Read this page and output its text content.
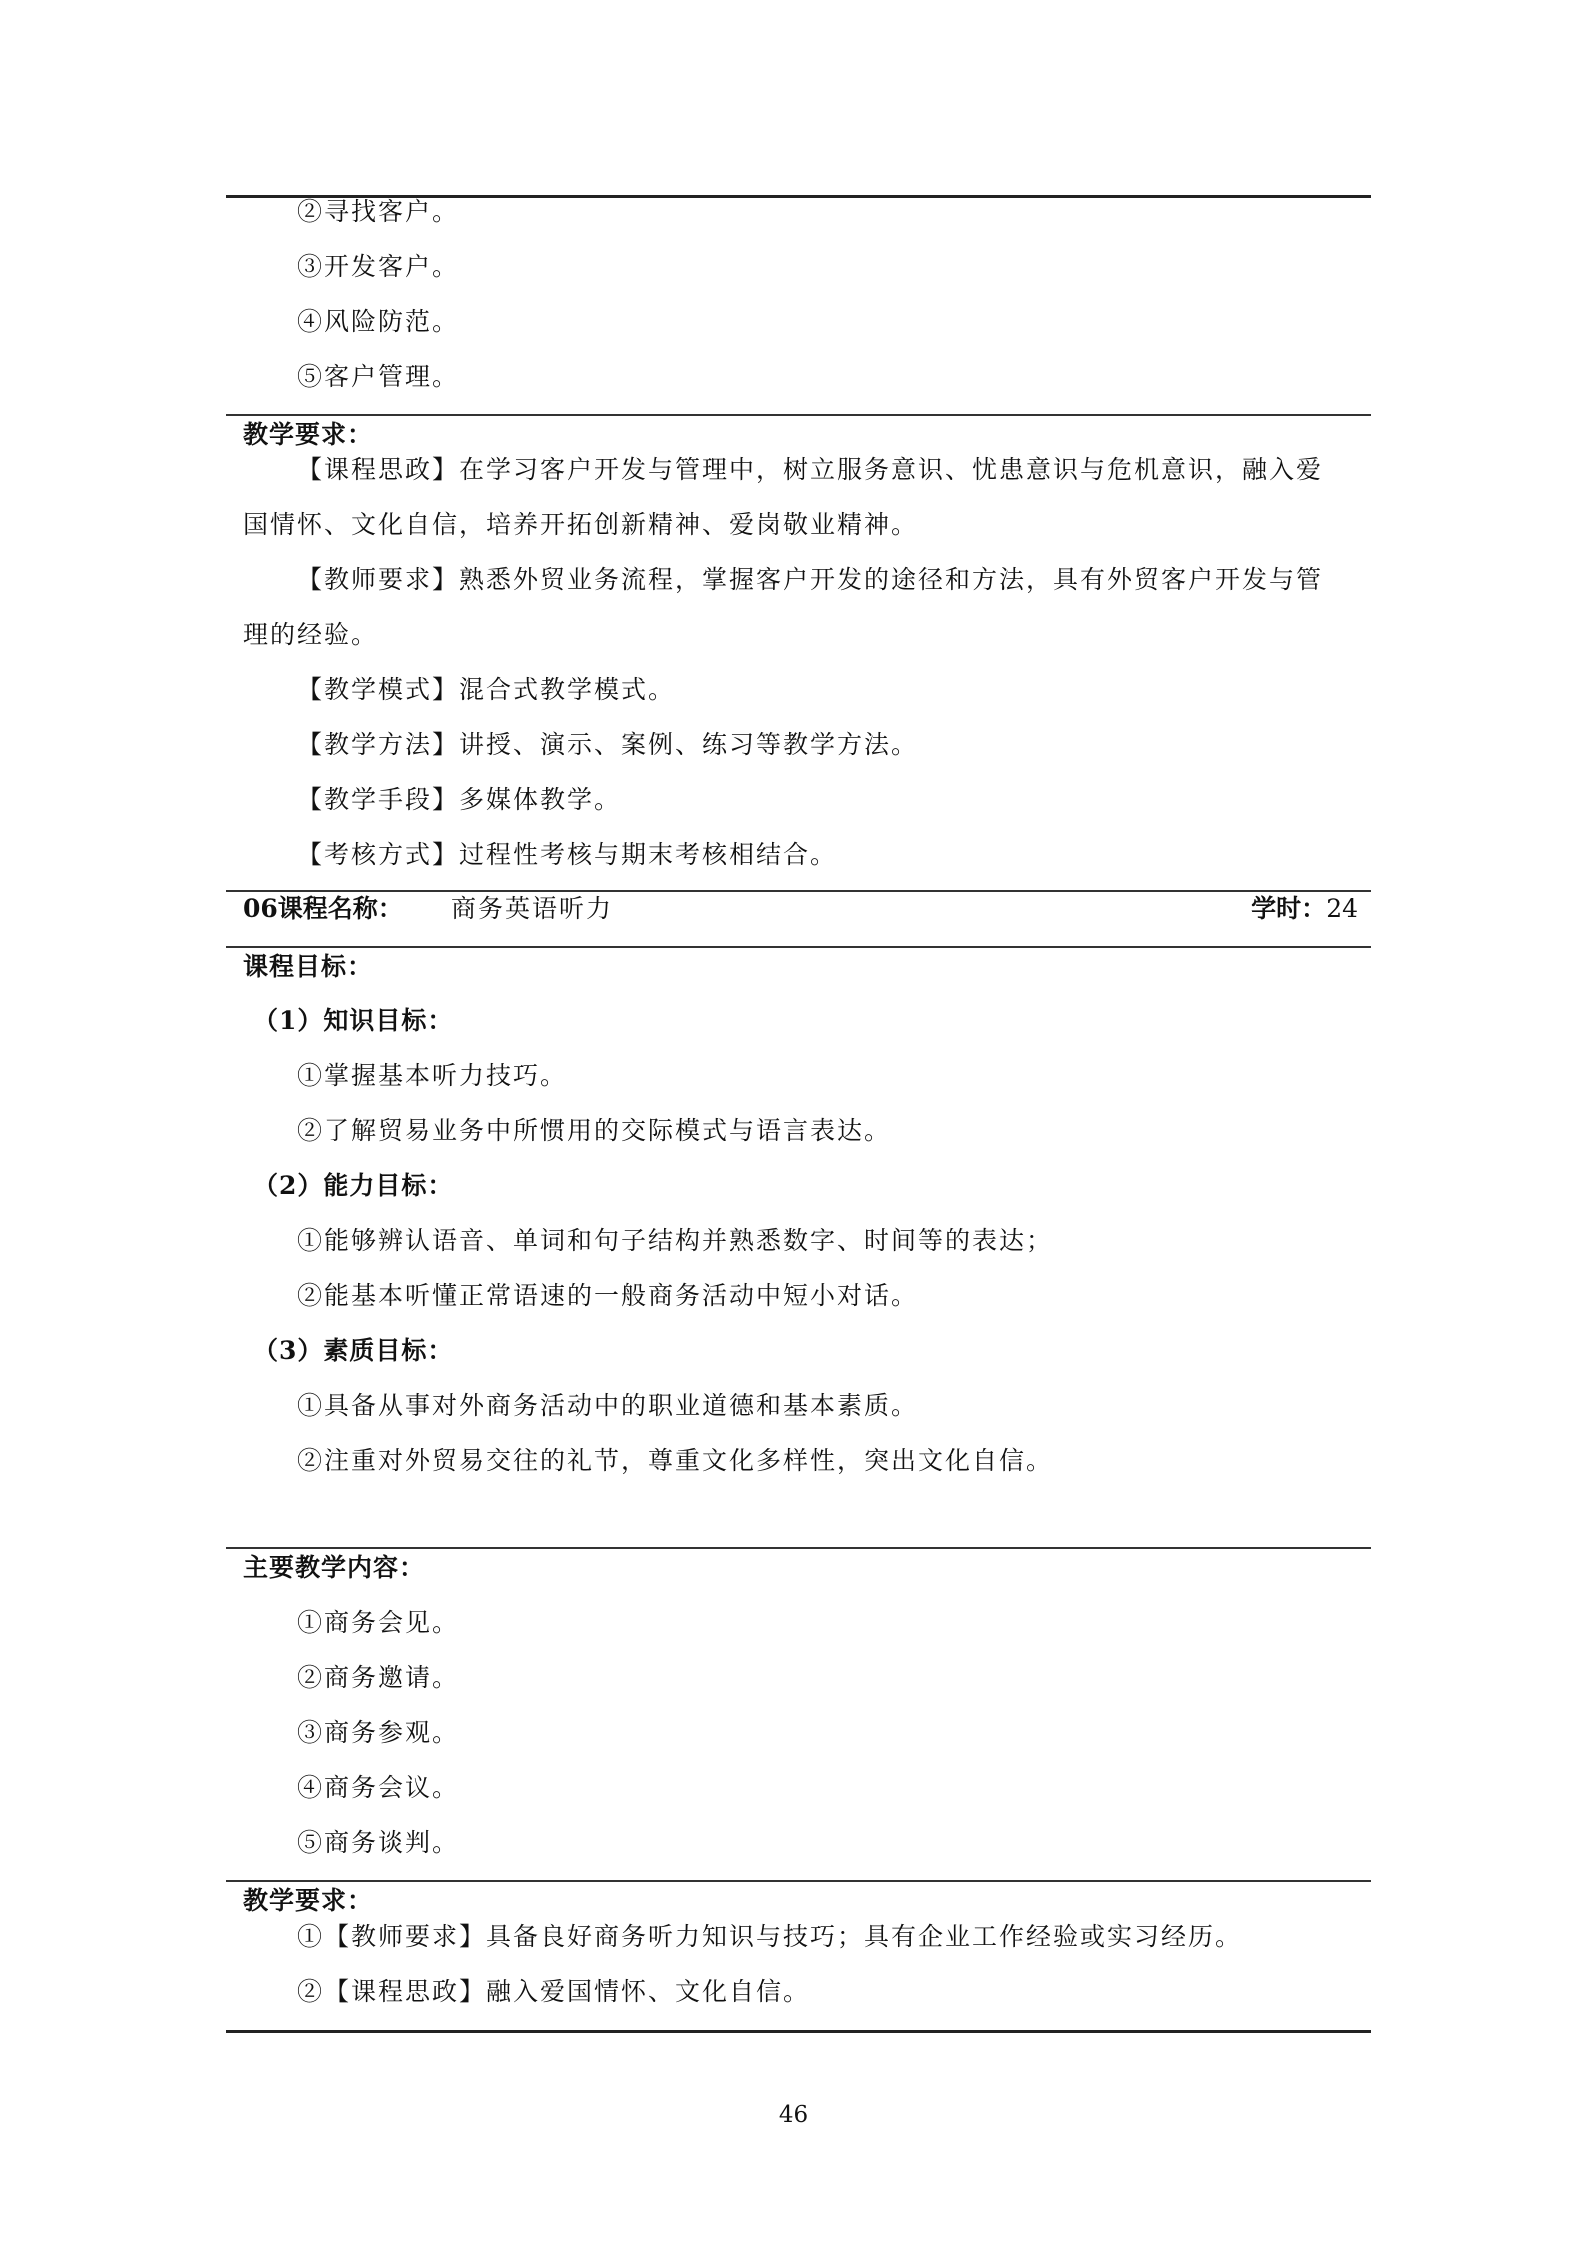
②寻找客户。
③开发客户。
④风险防范。
⑤客户管理。
教学要求：
【课程思政】在学习客户开发与管理中，树立服务意识、忧患意识与危机意识，融入爱
国情怀、文化自信，培养开拓创新精神、爱岗敬业精神。
【教师要求】熟悉外贸业务流程，掌握客户开发的途径和方法，具有外贸客户开发与管
理的经验。
【教学模式】混合式教学模式。
【教学方法】讲授、演示、案例、练习等教学方法。
【教学手段】多媒体教学。
【考核方式】过程性考核与期末考核相结合。
06课程名称： 商务英语听力	学时：24
课程目标：
（1）知识目标：
①掌握基本听力技巧。
②了解贸易业务中所惯用的交际模式与语言表达。
（2）能力目标：
①能够辨认语音、单词和句子结构并熟悉数字、时间等的表达；
②能基本听懂正常语速的一般商务活动中短小对话。
（3）素质目标：
①具备从事对外商务活动中的职业道德和基本素质。
②注重对外贸易交往的礼节，尊重文化多样性，突出文化自信。
主要教学内容：
①商务会见。
②商务邀请。
③商务参观。
④商务会议。
⑤商务谈判。
教学要求：
①【教师要求】具备良好商务听力知识与技巧；具有企业工作经验或实习经历。
②【课程思政】融入爱国情怀、文化自信。
46
